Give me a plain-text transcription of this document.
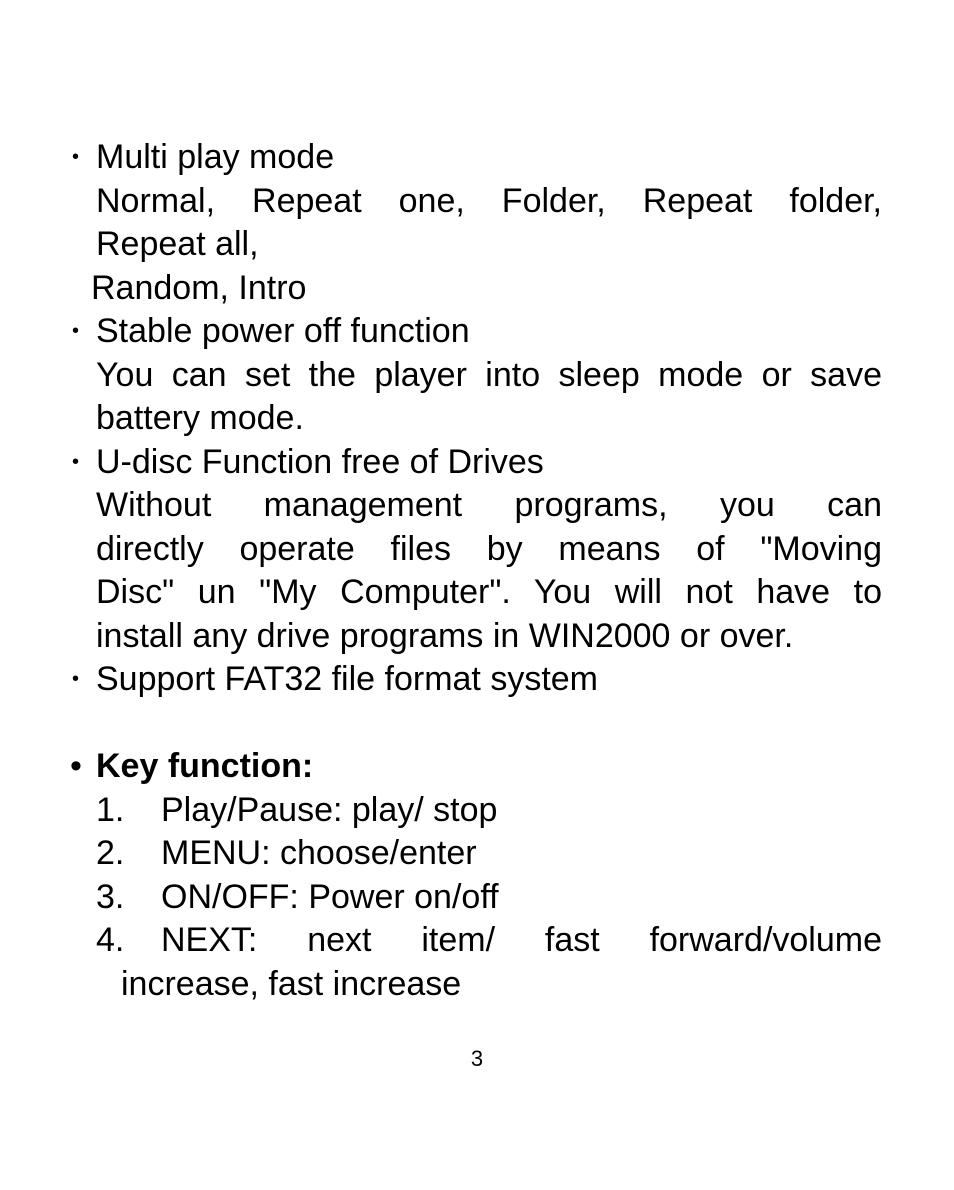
• Multi play mode
Normal, Repeat one, Folder, Repeat folder,
Repeat all,
Random, Intro
• Stable power off function
You can set the player into sleep mode or save
battery mode.
• U-disc Function free of Drives
Without management programs, you can
directly operate files by means of "Moving
Disc" un "My Computer". You will not have to
install any drive programs in WIN2000 or over.
• Support FAT32 file format system
• Key function:
1.	Play/Pause: play/ stop
2.	MENU: choose/enter
3.	ON/OFF: Power on/off
4.	NEXT: next item/ fast forward/volume
increase, fast increase
3
